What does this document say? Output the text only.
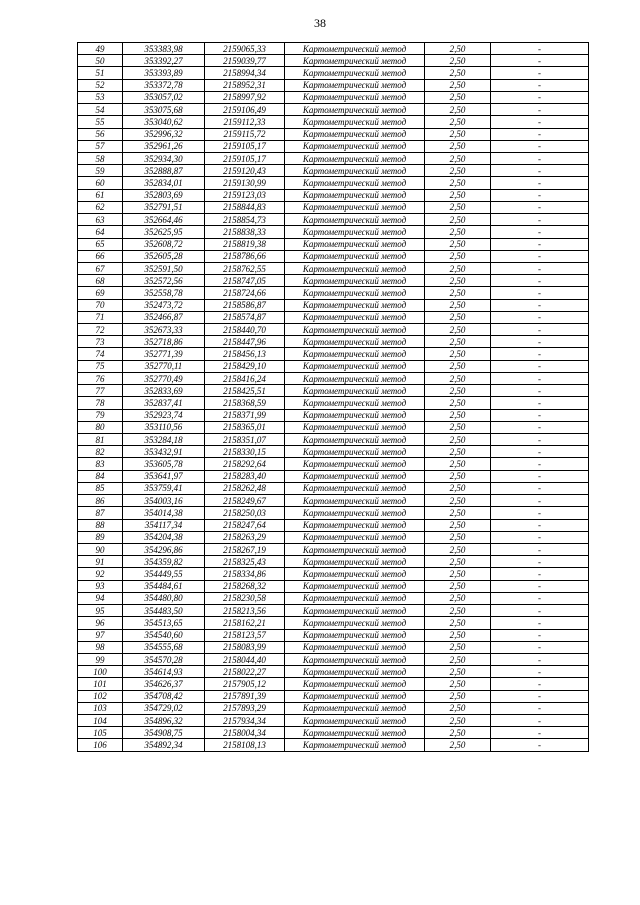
38
49	353383,98	2159065,33	Картометрический метод	2,50	-
50	353392,27	2159039,77	Картометрический метод	2,50	-
51	353393,89	2158994,34	Картометрический метод	2,50	-
52	353372,78	2158952,31	Картометрический метод	2,50	-
53	353057,02	2158997,92	Картометрический метод	2,50	-
54	353075,68	2159106,49	Картометрический метод	2,50	-
55	353040,62	2159112,33	Картометрический метод	2,50	-
56	352996,32	2159115,72	Картометрический метод	2,50	-
57	352961,26	2159105,17	Картометрический метод	2,50	-
58	352934,30	2159105,17	Картометрический метод	2,50	-
59	352888,87	2159120,43	Картометрический метод	2,50	-
60	352834,01	2159130,99	Картометрический метод	2,50	-
61	352803,69	2159123,03	Картометрический метод	2,50	-
62	352791,51	2158844,83	Картометрический метод	2,50	-
63	352664,46	2158854,73	Картометрический метод	2,50	-
64	352625,95	2158838,33	Картометрический метод	2,50	-
65	352608,72	2158819,38	Картометрический метод	2,50	-
66	352605,28	2158786,66	Картометрический метод	2,50	-
67	352591,50	2158762,55	Картометрический метод	2,50	-
68	352572,56	2158747,05	Картометрический метод	2,50	-
69	352558,78	2158724,66	Картометрический метод	2,50	-
70	352473,72	2158586,87	Картометрический метод	2,50	-
71	352466,87	2158574,87	Картометрический метод	2,50	-
72	352673,33	2158440,70	Картометрический метод	2,50	-
73	352718,86	2158447,96	Картометрический метод	2,50	-
74	352771,39	2158456,13	Картометрический метод	2,50	-
75	352770,11	2158429,10	Картометрический метод	2,50	-
76	352770,49	2158416,24	Картометрический метод	2,50	-
77	352833,69	2158425,51	Картометрический метод	2,50	-
78	352837,41	2158368,59	Картометрический метод	2,50	-
79	352923,74	2158371,99	Картометрический метод	2,50	-
80	353110,56	2158365,01	Картометрический метод	2,50	-
81	353284,18	2158351,07	Картометрический метод	2,50	-
82	353432,91	2158330,15	Картометрический метод	2,50	-
83	353605,78	2158292,64	Картометрический метод	2,50	-
84	353641,97	2158283,40	Картометрический метод	2,50	-
85	353759,41	2158262,48	Картометрический метод	2,50	-
86	354003,16	2158249,67	Картометрический метод	2,50	-
87	354014,38	2158250,03	Картометрический метод	2,50	-
88	354117,34	2158247,64	Картометрический метод	2,50	-
89	354204,38	2158263,29	Картометрический метод	2,50	-
90	354296,86	2158267,19	Картометрический метод	2,50	-
91	354359,82	2158325,43	Картометрический метод	2,50	-
92	354449,55	2158334,86	Картометрический метод	2,50	-
93	354484,61	2158268,32	Картометрический метод	2,50	-
94	354480,80	2158230,58	Картометрический метод	2,50	-
95	354483,50	2158213,56	Картометрический метод	2,50	-
96	354513,65	2158162,21	Картометрический метод	2,50	-
97	354540,60	2158123,57	Картометрический метод	2,50	-
98	354555,68	2158083,99	Картометрический метод	2,50	-
99	354570,28	2158044,40	Картометрический метод	2,50	-
100	354614,93	2158022,27	Картометрический метод	2,50	-
101	354626,37	2157905,12	Картометрический метод	2,50	-
102	354708,42	2157891,39	Картометрический метод	2,50	-
103	354729,02	2157893,29	Картометрический метод	2,50	-
104	354896,32	2157934,34	Картометрический метод	2,50	-
105	354908,75	2158004,34	Картометрический метод	2,50	-
106	354892,34	2158108,13	Картометрический метод	2,50	-
